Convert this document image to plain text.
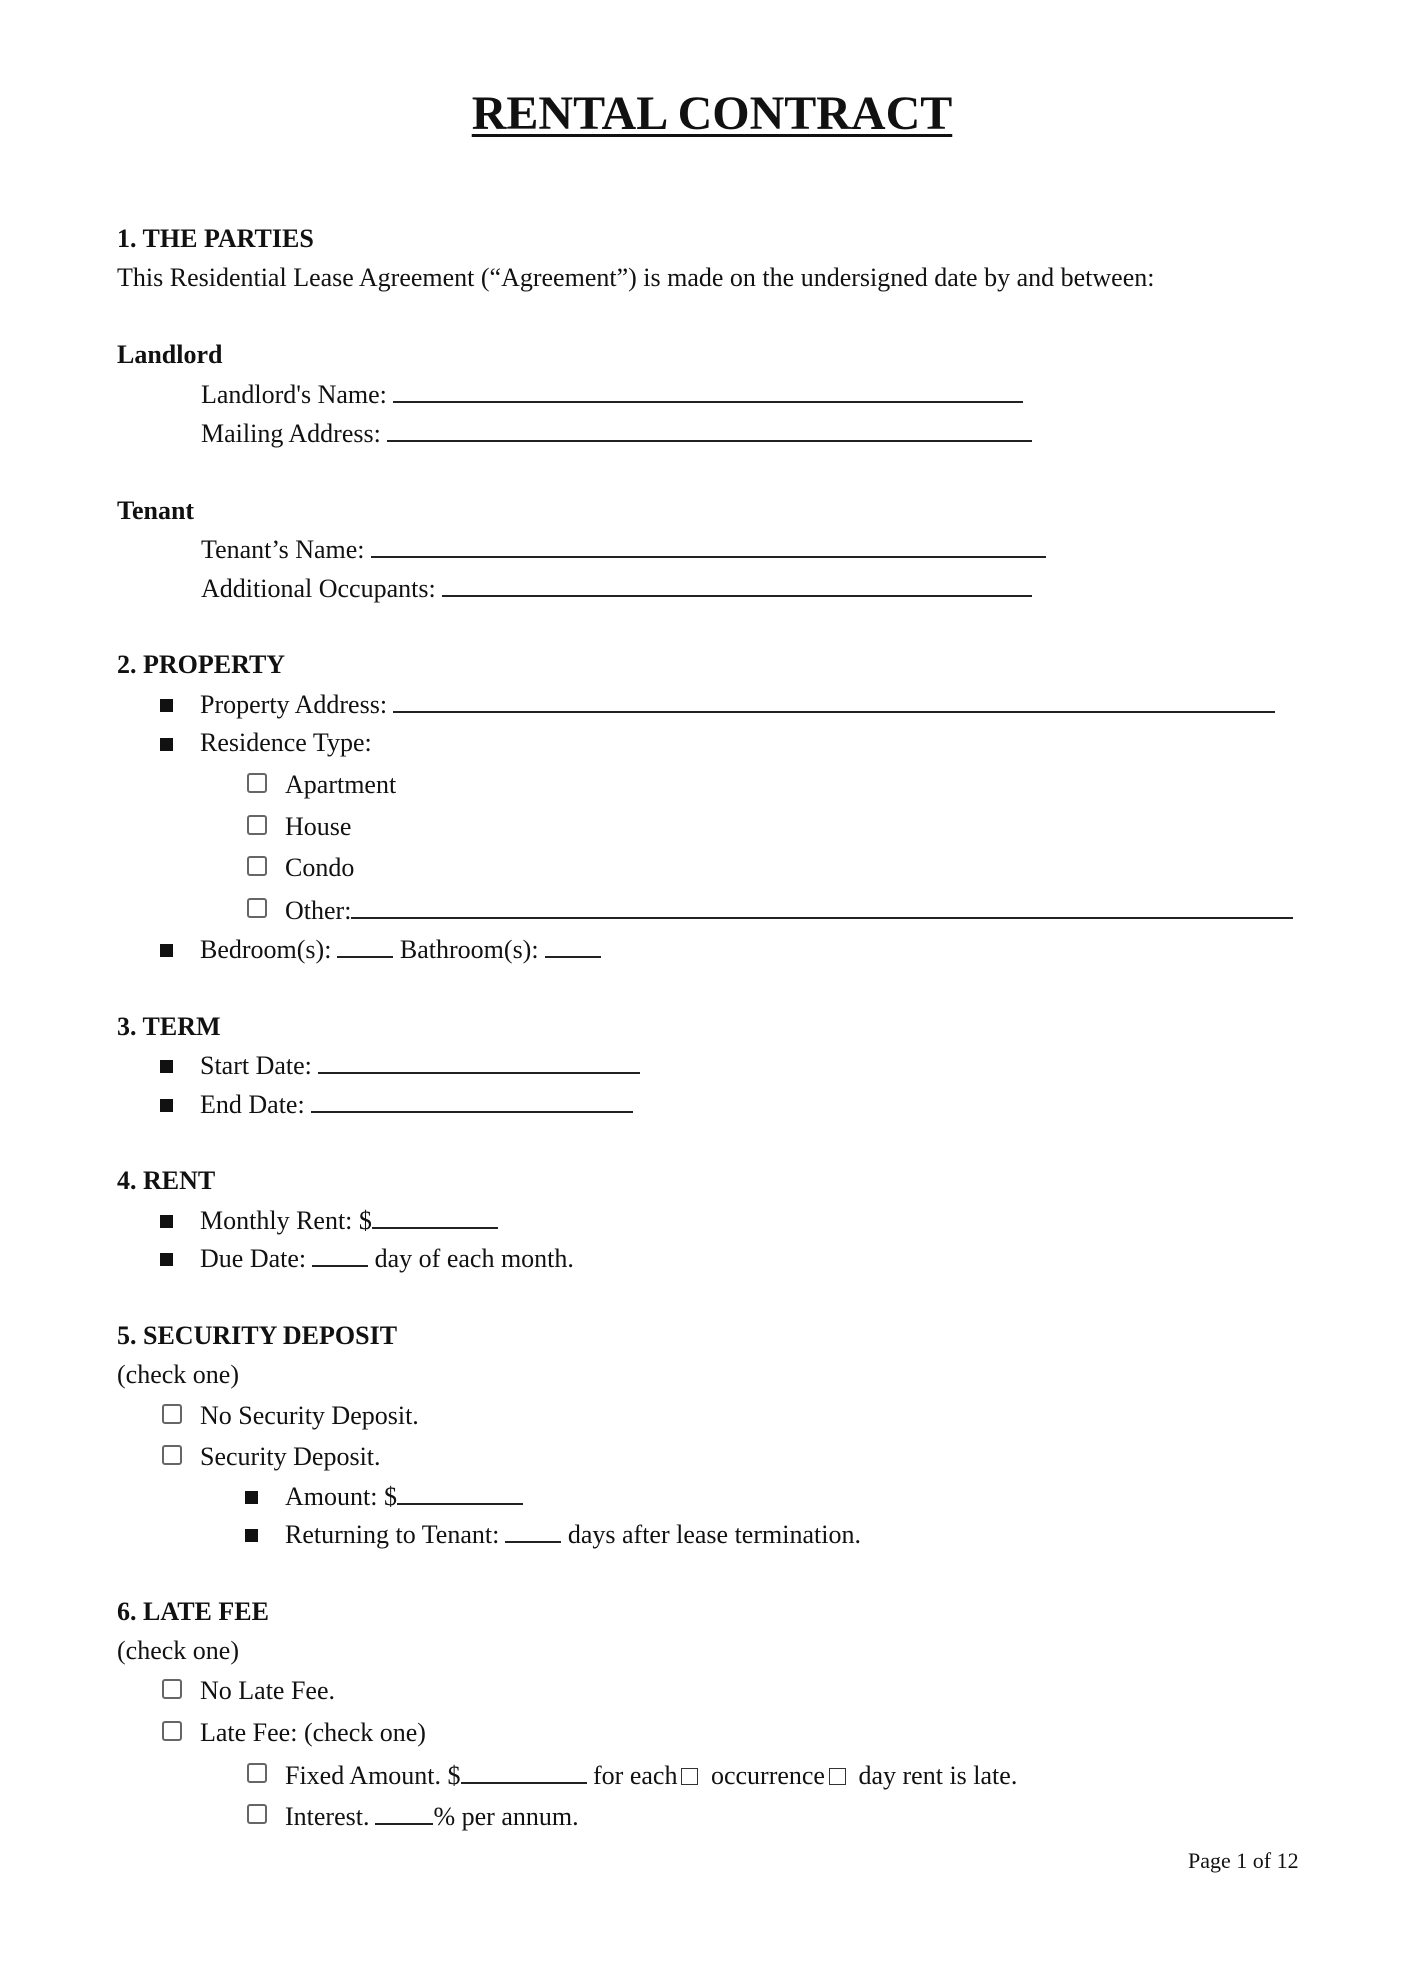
RENTAL CONTRACT
1. THE PARTIES
This Residential Lease Agreement (“Agreement”) is made on the undersigned date by and between:
Landlord
Landlord's Name:
Mailing Address:
Tenant
Tenant’s Name:
Additional Occupants:
2. PROPERTY
Property Address:
Residence Type:
Apartment
House
Condo
Other:
Bedroom(s):	Bathroom(s):
3. TERM
Start Date:
End Date:
4. RENT
Monthly Rent: $
Due Date:	day of each month.
5. SECURITY DEPOSIT
(check one)
No Security Deposit.
Security Deposit.
Amount: $
Returning to Tenant:	days after lease termination.
6. LATE FEE
(check one)
No Late Fee.
Late Fee: (check one)
Fixed Amount. $	for each occurrence day rent is late.
Interest. % per annum.
Page 1 of 12
